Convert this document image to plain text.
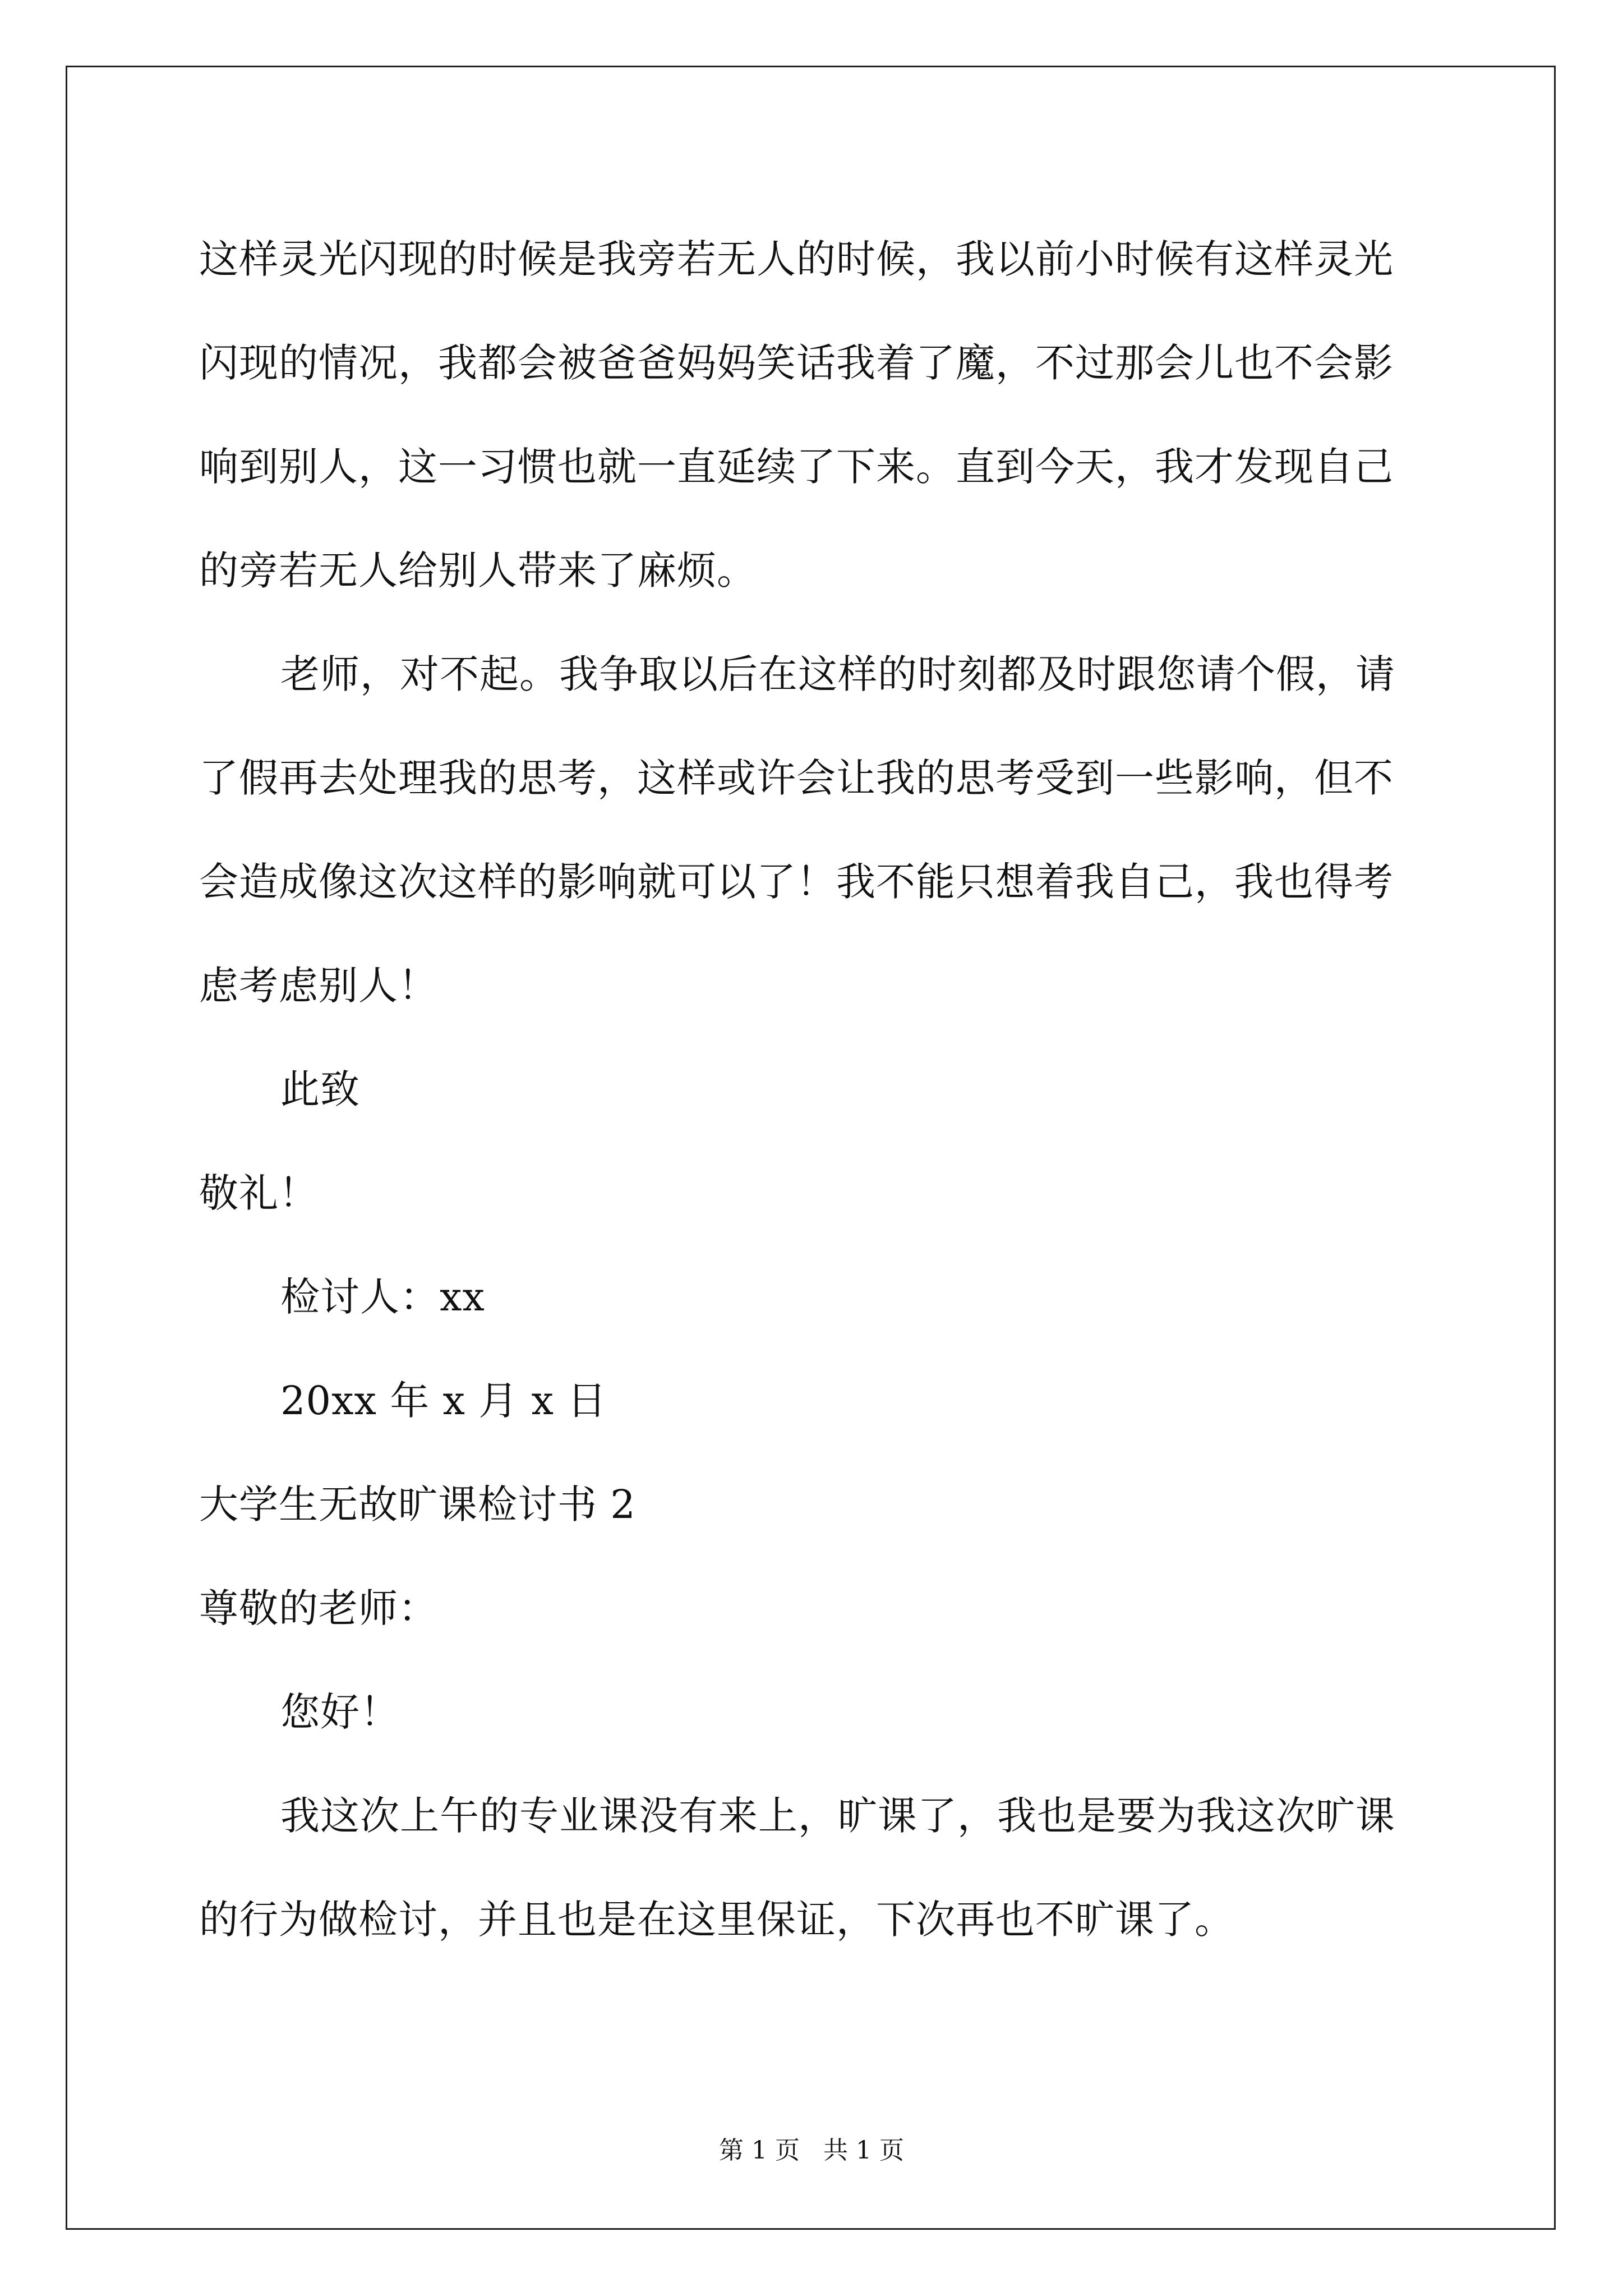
这样灵光闪现的时候是我旁若无人的时候，我以前小时候有这样灵光
闪现的情况，我都会被爸爸妈妈笑话我着了魔，不过那会儿也不会影
响到别人，这一习惯也就一直延续了下来。直到今天，我才发现自己
的旁若无人给别人带来了麻烦。
老师，对不起。我争取以后在这样的时刻都及时跟您请个假，请
了假再去处理我的思考，这样或许会让我的思考受到一些影响，但不
会造成像这次这样的影响就可以了！我不能只想着我自己，我也得考
虑考虑别人！
此致
敬礼！
检讨人：xx
20xx 年 x 月 x 日
大学生无故旷课检讨书 2
尊敬的老师：
您好！
我这次上午的专业课没有来上，旷课了，我也是要为我这次旷课
的行为做检讨，并且也是在这里保证，下次再也不旷课了。
第 1 页   共 1 页
